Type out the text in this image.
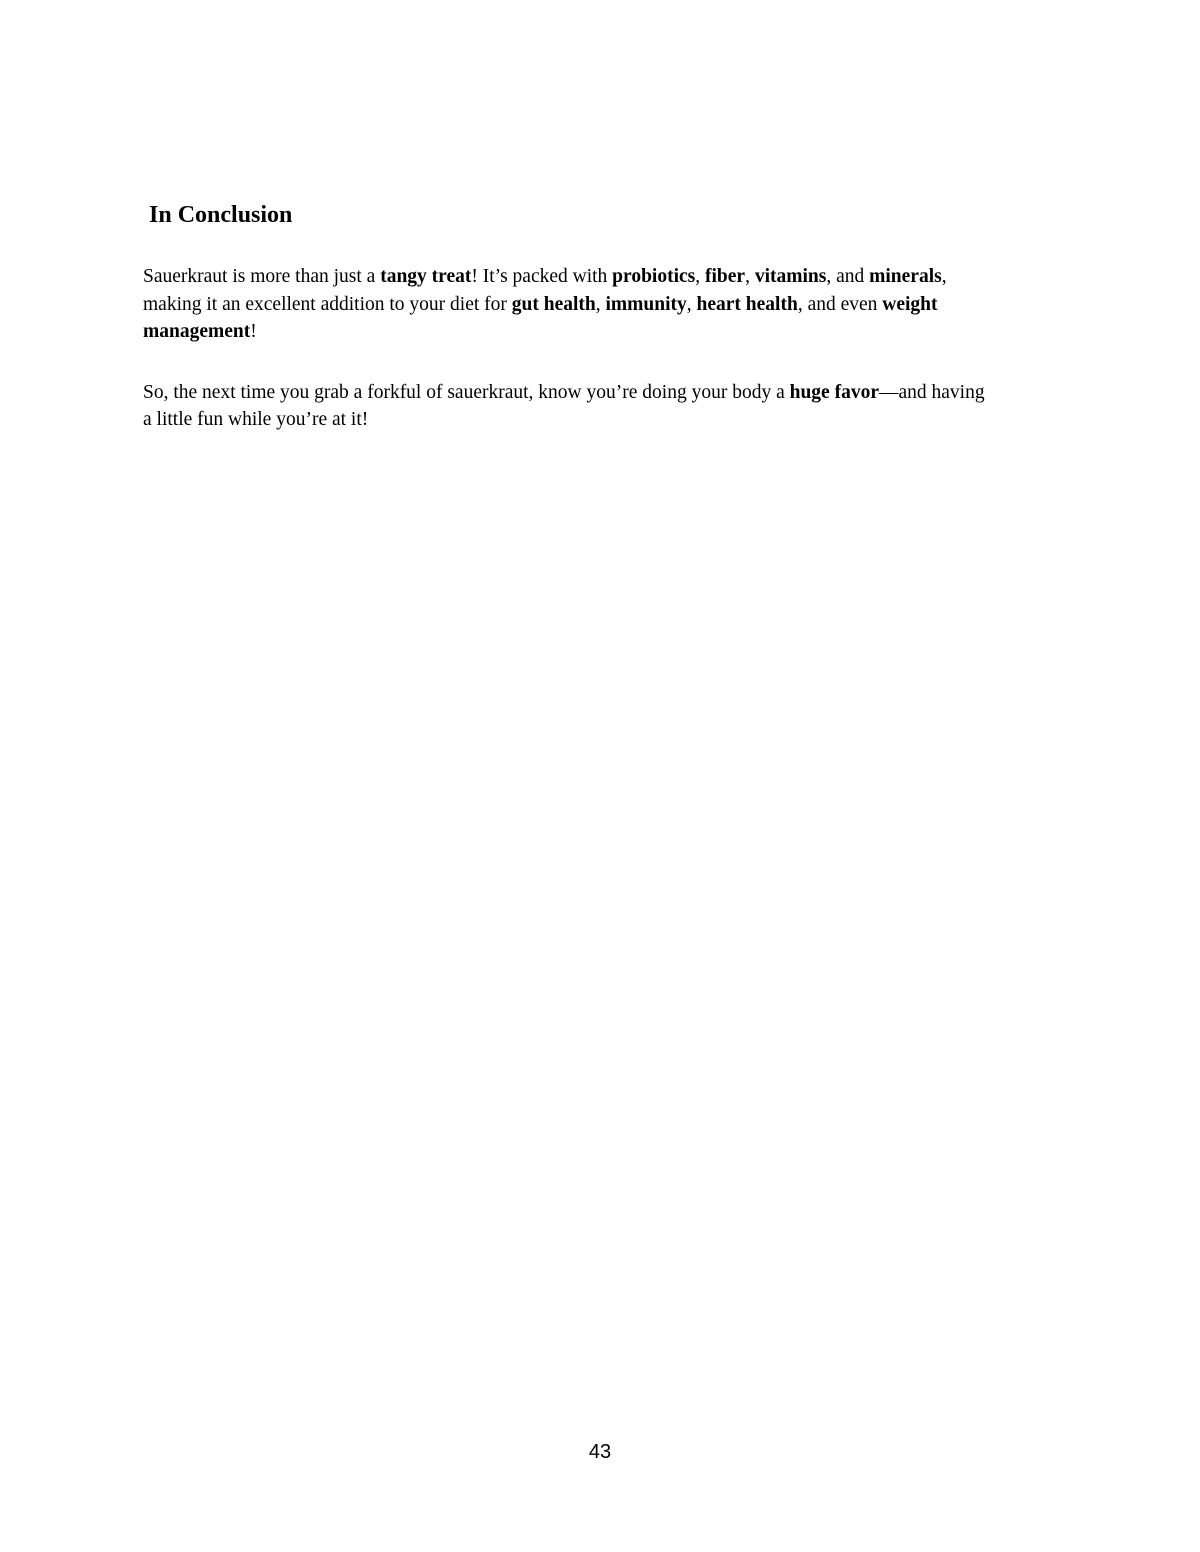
In Conclusion

Sauerkraut is more than just a tangy treat! It’s packed with probiotics, fiber, vitamins, and minerals, making it an excellent addition to your diet for gut health, immunity, heart health, and even weight management!

So, the next time you grab a forkful of sauerkraut, know you’re doing your body a huge favor—and having a little fun while you’re at it!

43
